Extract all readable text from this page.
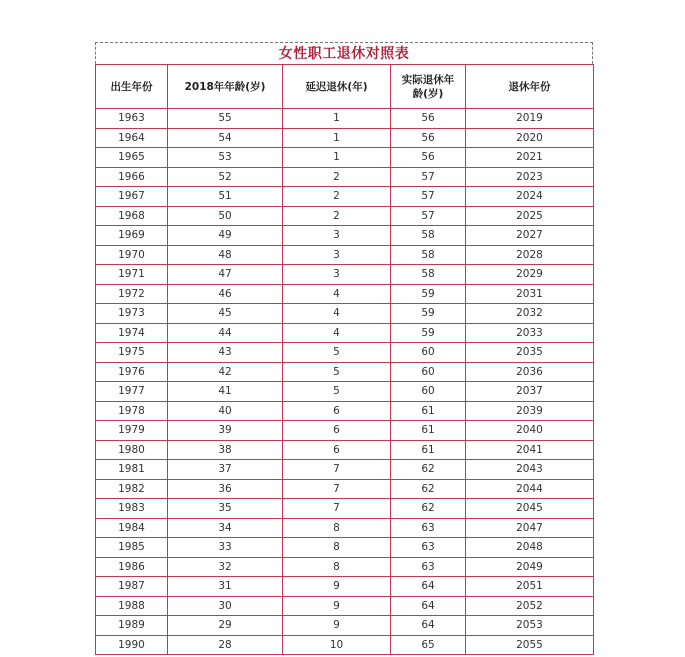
女性职工退休对照表
出生年份	2018年年龄(岁)	延迟退休(年)	实际退休年龄(岁)	退休年份
1963	55	1	56	2019
1964	54	1	56	2020
1965	53	1	56	2021
1966	52	2	57	2023
1967	51	2	57	2024
1968	50	2	57	2025
1969	49	3	58	2027
1970	48	3	58	2028
1971	47	3	58	2029
1972	46	4	59	2031
1973	45	4	59	2032
1974	44	4	59	2033
1975	43	5	60	2035
1976	42	5	60	2036
1977	41	5	60	2037
1978	40	6	61	2039
1979	39	6	61	2040
1980	38	6	61	2041
1981	37	7	62	2043
1982	36	7	62	2044
1983	35	7	62	2045
1984	34	8	63	2047
1985	33	8	63	2048
1986	32	8	63	2049
1987	31	9	64	2051
1988	30	9	64	2052
1989	29	9	64	2053
1990	28	10	65	2055
